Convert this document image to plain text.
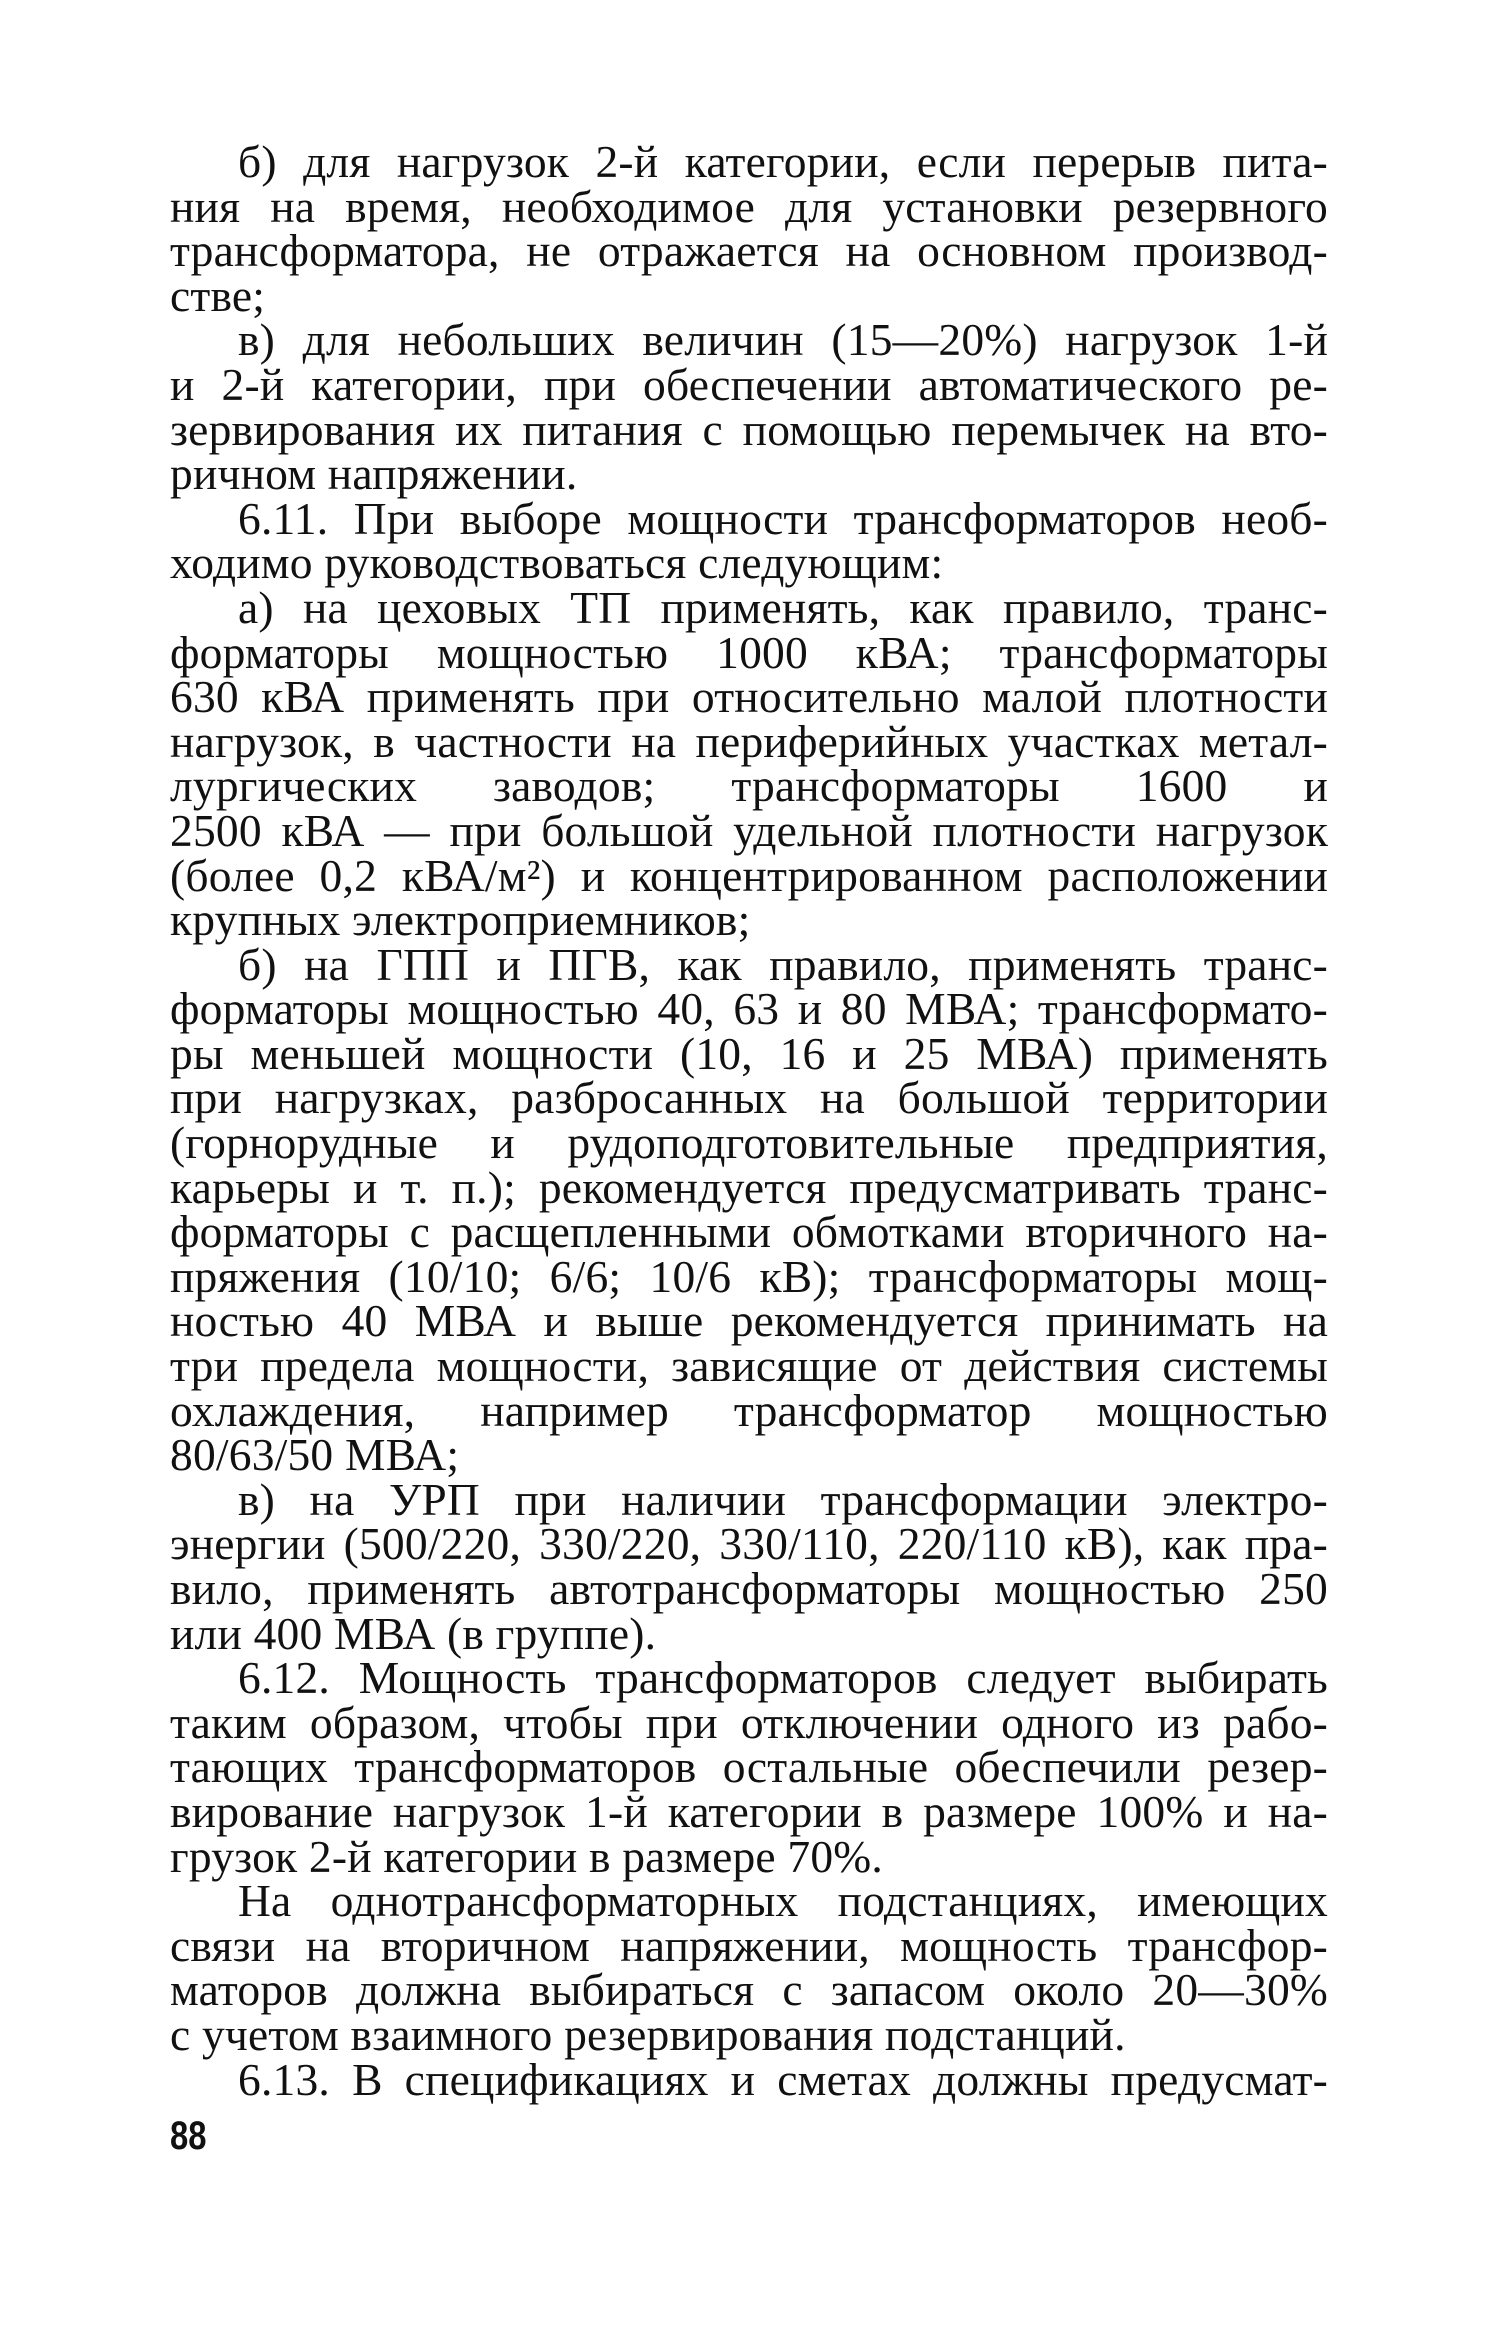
б) для нагрузок 2-й категории, если перерыв пита-
ния на время, необходимое для установки резервного
трансформатора, не отражается на основном производ-
стве;
в) для небольших величин (15—20%) нагрузок 1-й
и 2-й категории, при обеспечении автоматического ре-
зервирования их питания с помощью перемычек на вто-
ричном напряжении.
6.11. При выборе мощности трансформаторов необ-
ходимо руководствоваться следующим:
а) на цеховых ТП применять, как правило, транс-
форматоры мощностью 1000 кВА; трансформаторы
630 кВА применять при относительно малой плотности
нагрузок, в частности на периферийных участках метал-
лургических заводов; трансформаторы 1600 и
2500 кВА — при большой удельной плотности нагрузок
(более 0,2 кВА/м²) и концентрированном расположении
крупных электроприемников;
б) на ГПП и ПГВ, как правило, применять транс-
форматоры мощностью 40, 63 и 80 МВА; трансформато-
ры меньшей мощности (10, 16 и 25 МВА) применять
при нагрузках, разбросанных на большой территории
(горнорудные и рудоподготовительные предприятия,
карьеры и т. п.); рекомендуется предусматривать транс-
форматоры с расщепленными обмотками вторичного на-
пряжения (10/10; 6/6; 10/6 кВ); трансформаторы мощ-
ностью 40 МВА и выше рекомендуется принимать на
три предела мощности, зависящие от действия системы
охлаждения, например трансформатор мощностью
80/63/50 МВА;
в) на УРП при наличии трансформации электро-
энергии (500/220, 330/220, 330/110, 220/110 кВ), как пра-
вило, применять автотрансформаторы мощностью 250
или 400 МВА (в группе).
6.12. Мощность трансформаторов следует выбирать
таким образом, чтобы при отключении одного из рабо-
тающих трансформаторов остальные обеспечили резер-
вирование нагрузок 1-й категории в размере 100% и на-
грузок 2-й категории в размере 70%.
На однотрансформаторных подстанциях, имеющих
связи на вторичном напряжении, мощность трансфор-
маторов должна выбираться с запасом около 20—30%
с учетом взаимного резервирования подстанций.
6.13. В спецификациях и сметах должны предусмат-
88
